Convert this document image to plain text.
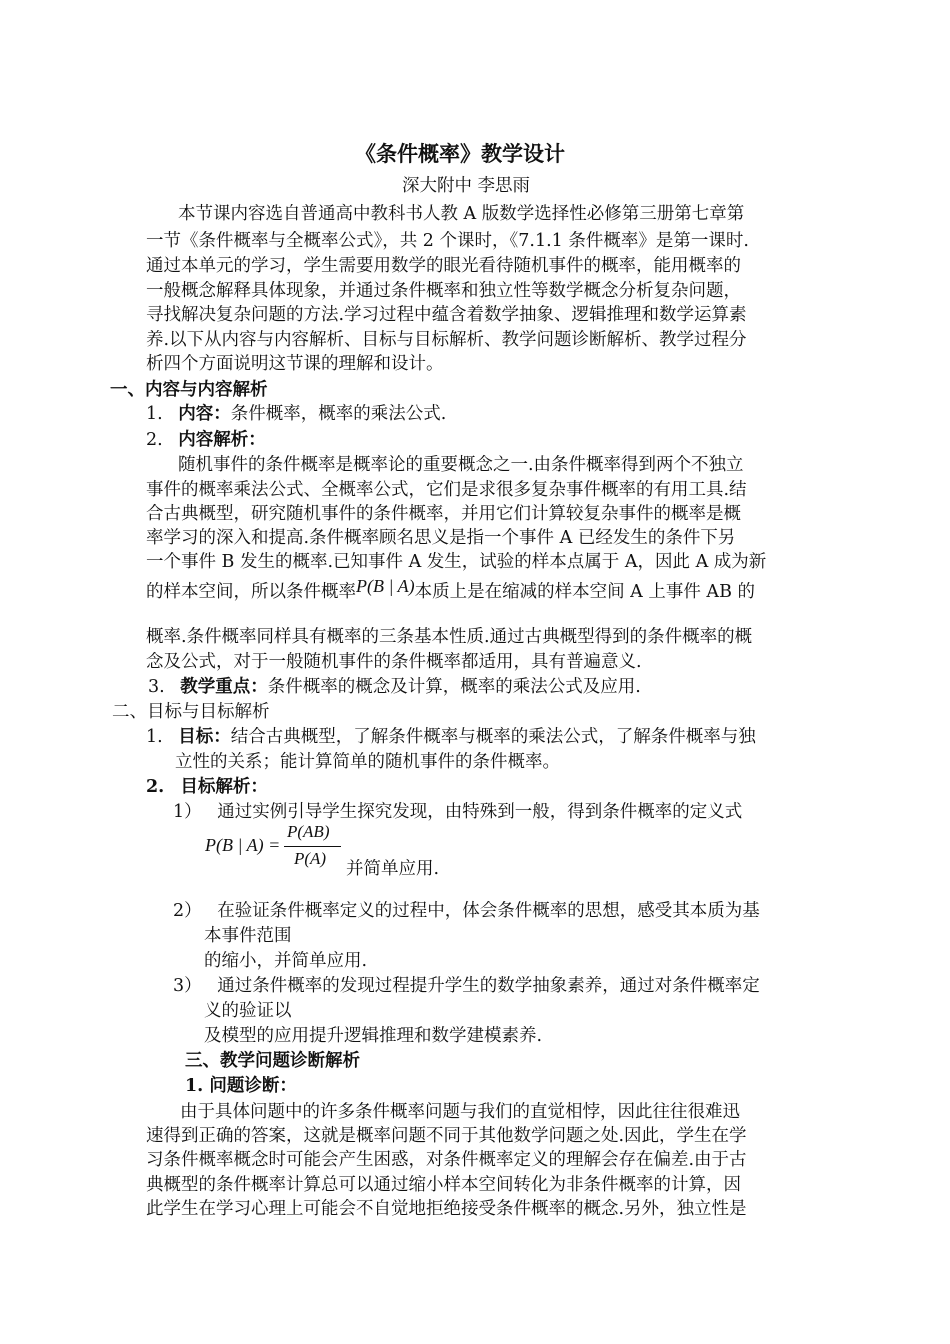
《条件概率》教学设计
深大附中 李思雨
本节课内容选自普通高中教科书人教 A 版数学选择性必修第三册第七章第
一节《条件概率与全概率公式》，共 2 个课时，《7.1.1 条件概率》是第一课时.
通过本单元的学习，学生需要用数学的眼光看待随机事件的概率，能用概率的
一般概念解释具体现象，并通过条件概率和独立性等数学概念分析复杂问题，
寻找解决复杂问题的方法.学习过程中蕴含着数学抽象、逻辑推理和数学运算素
养.以下从内容与内容解析、目标与目标解析、教学问题诊断解析、教学过程分
析四个方面说明这节课的理解和设计。
一、内容与内容解析
1. 内容：条件概率，概率的乘法公式.
2. 内容解析：
随机事件的条件概率是概率论的重要概念之一.由条件概率得到两个不独立
事件的概率乘法公式、全概率公式，它们是求很多复杂事件概率的有用工具.结
合古典概型，研究随机事件的条件概率，并用它们计算较复杂事件的概率是概
率学习的深入和提高.条件概率顾名思义是指一个事件 A 已经发生的条件下另
一个事件 B 发生的概率.已知事件 A 发生，试验的样本点属于 A，因此 A 成为新
的样本空间，所以条件概率P(B | A)本质上是在缩减的样本空间 A 上事件 AB 的
概率.条件概率同样具有概率的三条基本性质.通过古典概型得到的条件概率的概
念及公式，对于一般随机事件的条件概率都适用，具有普遍意义.
3. 教学重点：条件概率的概念及计算，概率的乘法公式及应用.
二、目标与目标解析
1. 目标：结合古典概型，了解条件概率与概率的乘法公式，了解条件概率与独
立性的关系；能计算简单的随机事件的条件概率。
2. 目标解析：
1） 通过实例引导学生探究发现，由特殊到一般，得到条件概率的定义式
P(B | A) =
P(AB)
P(A)
并简单应用.
2） 在验证条件概率定义的过程中，体会条件概率的思想，感受其本质为基
本事件范围
的缩小，并简单应用.
3） 通过条件概率的发现过程提升学生的数学抽象素养，通过对条件概率定
义的验证以
及模型的应用提升逻辑推理和数学建模素养.
三、教学问题诊断解析
1. 问题诊断：
由于具体问题中的许多条件概率问题与我们的直觉相悖，因此往往很难迅
速得到正确的答案，这就是概率问题不同于其他数学问题之处.因此，学生在学
习条件概率概念时可能会产生困惑，对条件概率定义的理解会存在偏差.由于古
典概型的条件概率计算总可以通过缩小样本空间转化为非条件概率的计算，因
此学生在学习心理上可能会不自觉地拒绝接受条件概率的概念.另外，独立性是
